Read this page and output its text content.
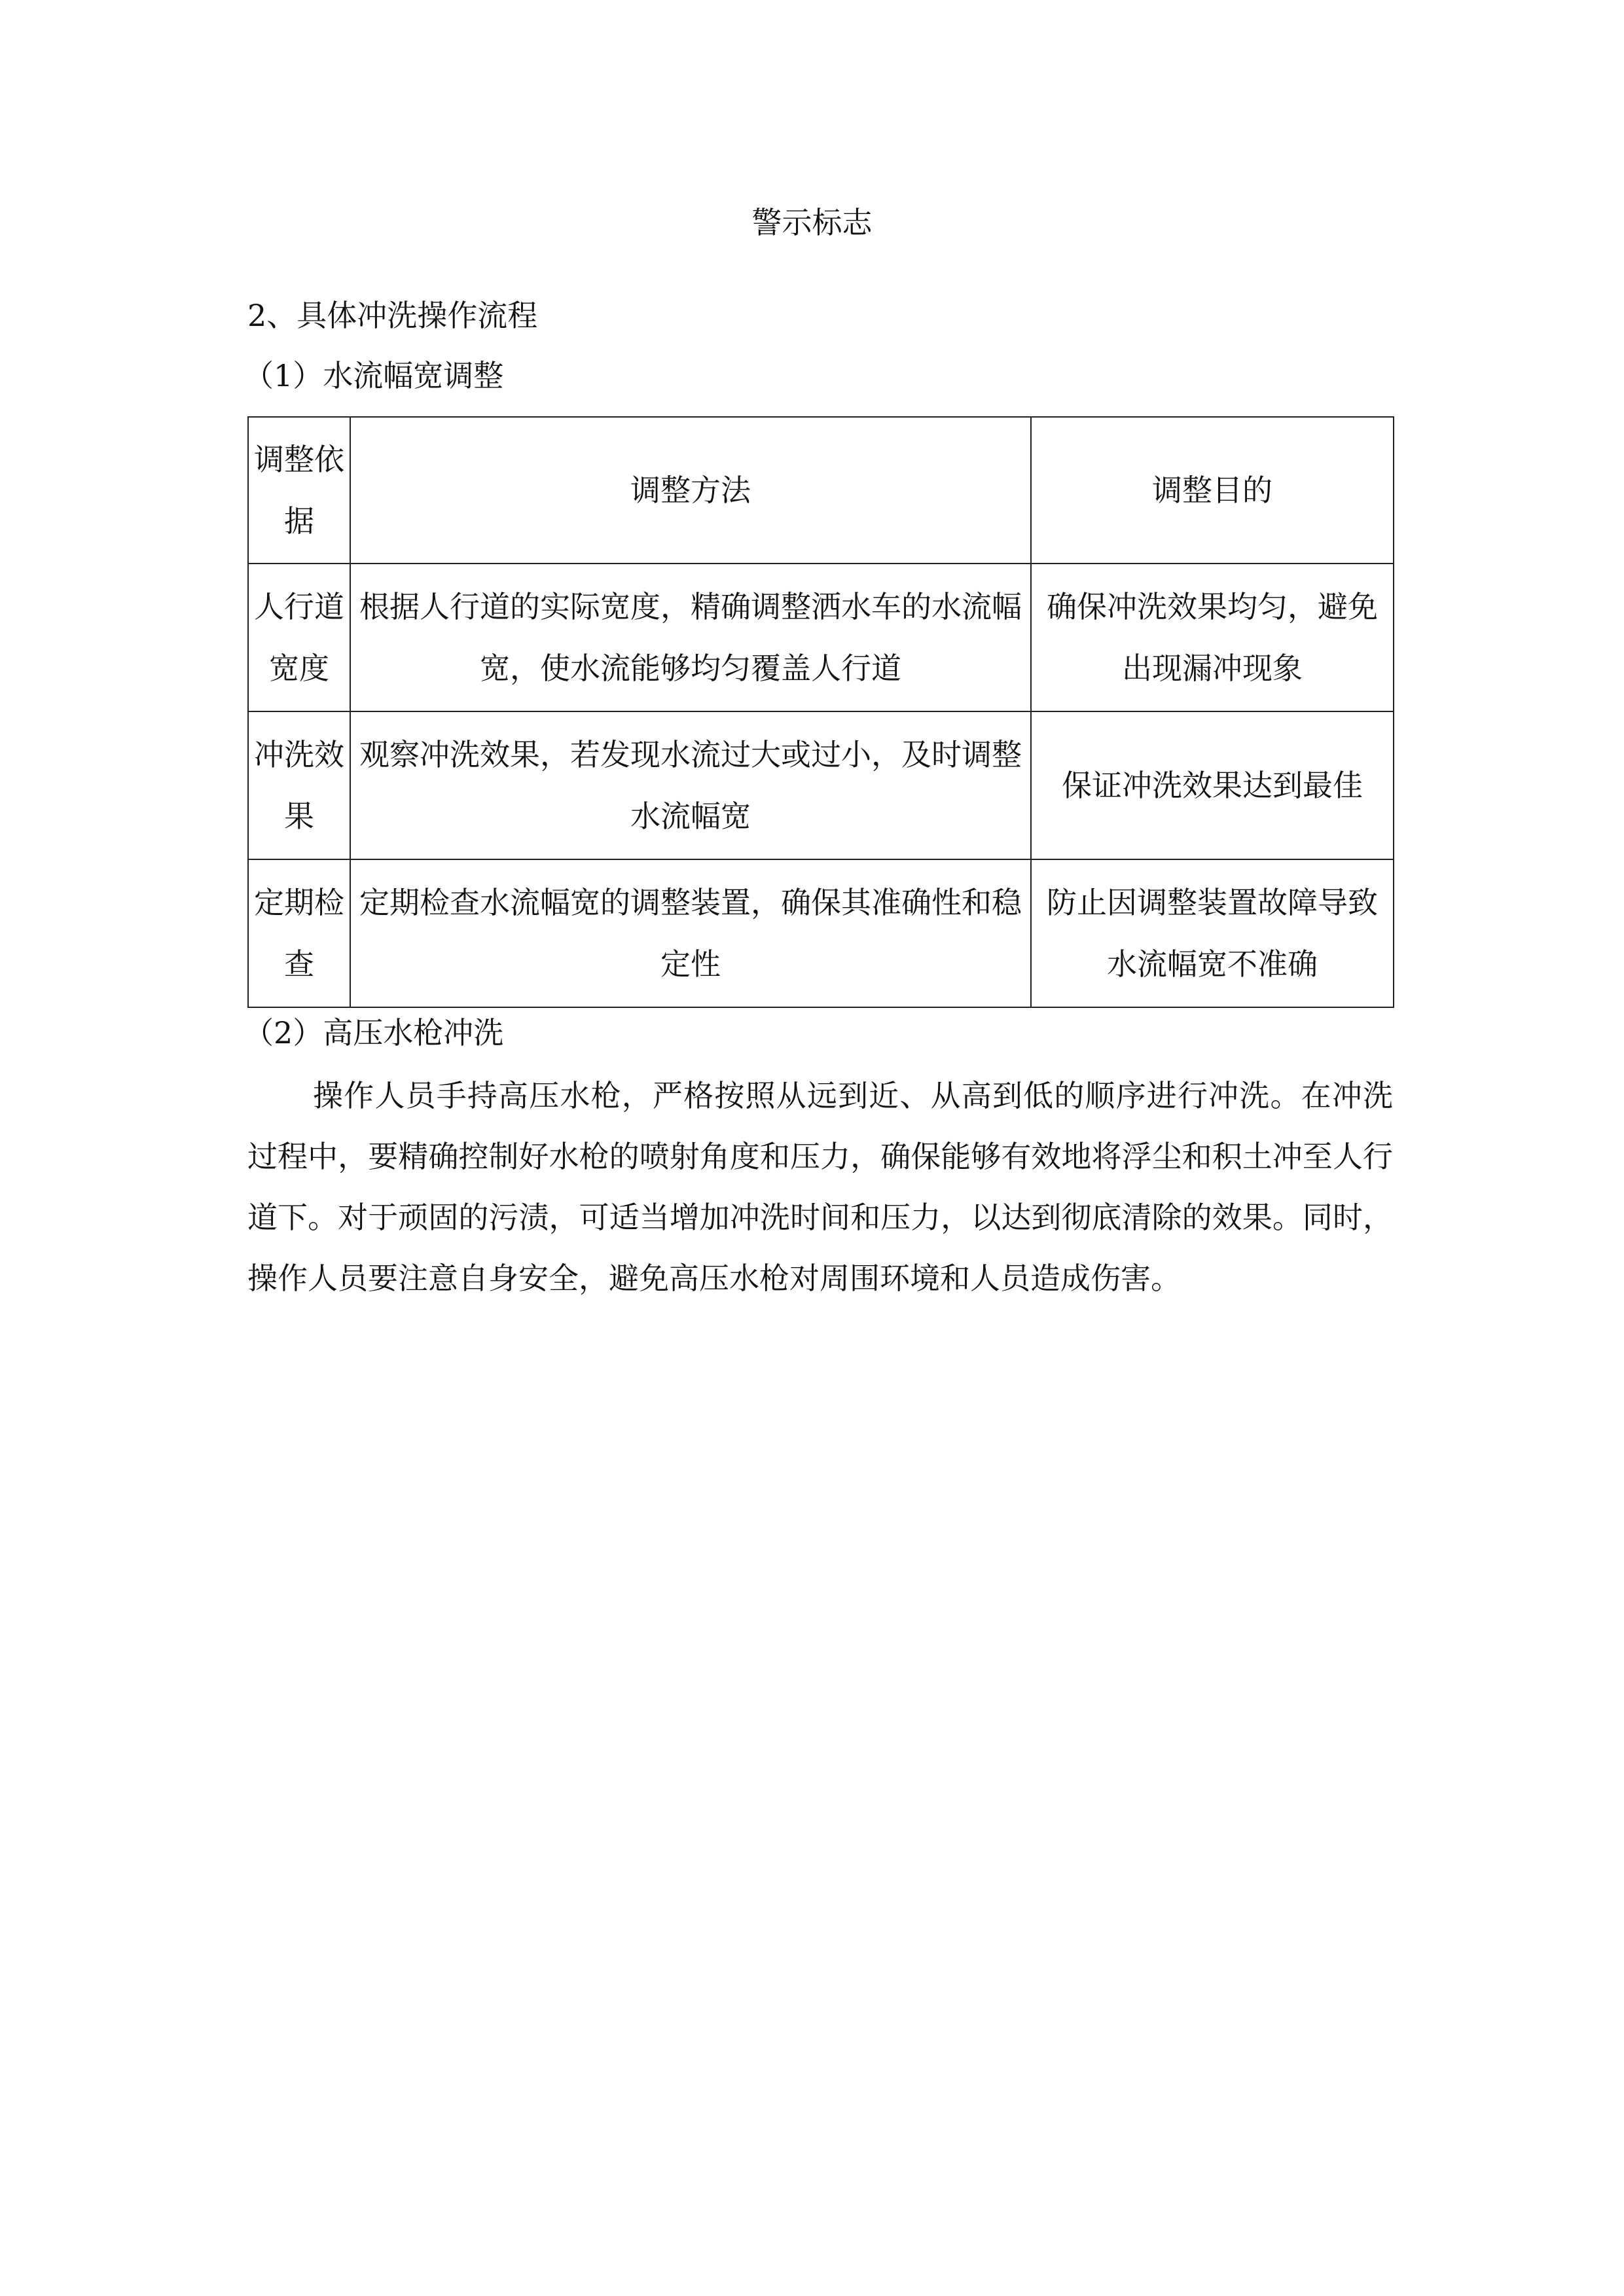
警示标志
2、具体冲洗操作流程
（1）水流幅宽调整
调整依据	调整方法	调整目的
人行道宽度	根据人行道的实际宽度，精确调整洒水车的水流幅宽，使水流能够均匀覆盖人行道	确保冲洗效果均匀，避免出现漏冲现象
冲洗效果	观察冲洗效果，若发现水流过大或过小，及时调整水流幅宽	保证冲洗效果达到最佳
定期检查	定期检查水流幅宽的调整装置，确保其准确性和稳定性	防止因调整装置故障导致水流幅宽不准确
（2）高压水枪冲洗

操作人员手持高压水枪，严格按照从远到近、从高到低的顺序进行冲洗。在冲洗过程中，要精确控制好水枪的喷射角度和压力，确保能够有效地将浮尘和积土冲至人行道下。对于顽固的污渍，可适当增加冲洗时间和压力，以达到彻底清除的效果。同时，操作人员要注意自身安全，避免高压水枪对周围环境和人员造成伤害。
